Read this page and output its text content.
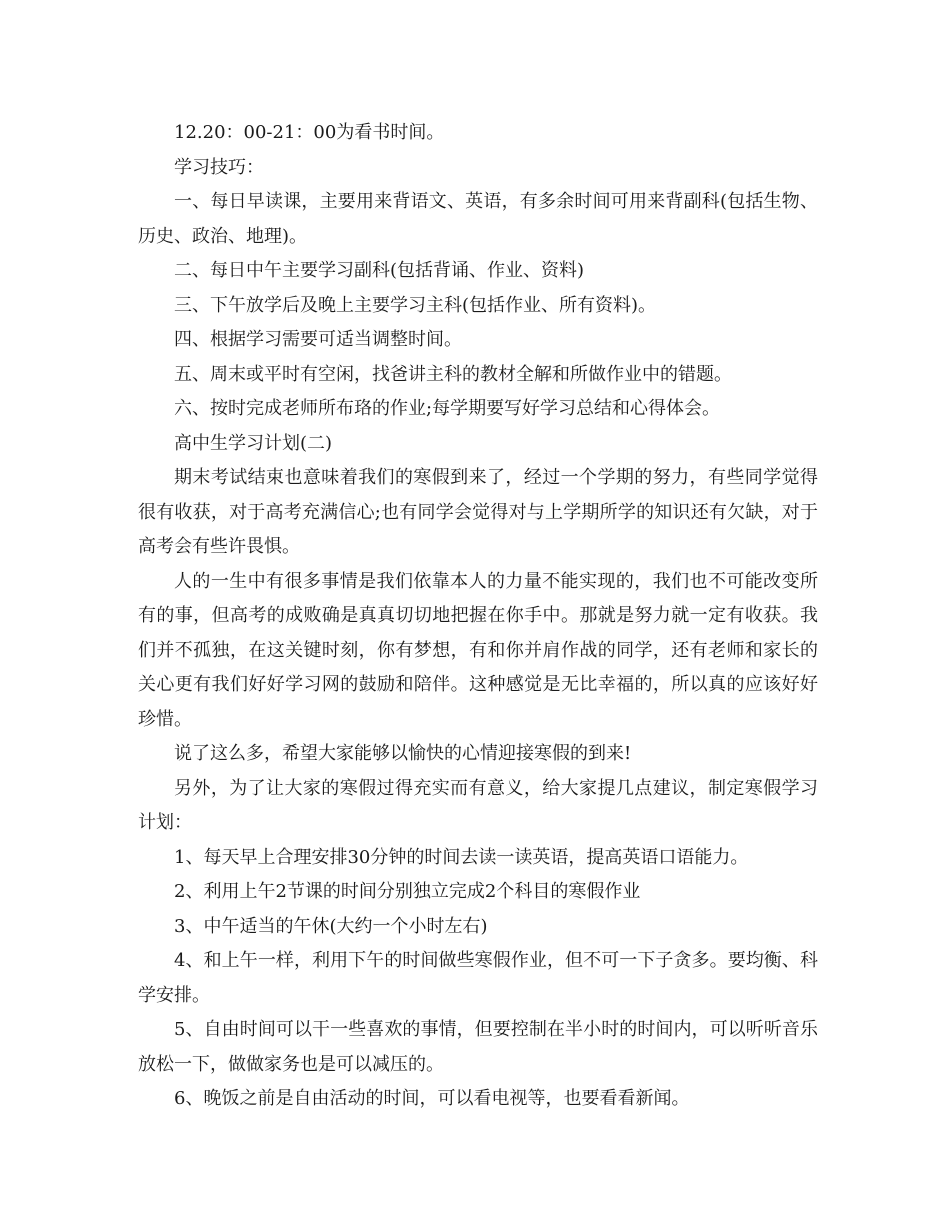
12.20：00-21：00为看书时间。

学习技巧：

一、每日早读课，主要用来背语文、英语，有多余时间可用来背副科(包括生物、历史、政治、地理)。

二、每日中午主要学习副科(包括背诵、作业、资料)

三、下午放学后及晚上主要学习主科(包括作业、所有资料)。

四、根据学习需要可适当调整时间。

五、周末或平时有空闲，找爸讲主科的教材全解和所做作业中的错题。

六、按时完成老师所布珞的作业;每学期要写好学习总结和心得体会。

高中生学习计划(二)

期末考试结束也意味着我们的寒假到来了，经过一个学期的努力，有些同学觉得很有收获，对于高考充满信心;也有同学会觉得对与上学期所学的知识还有欠缺，对于高考会有些许畏惧。

人的一生中有很多事情是我们依靠本人的力量不能实现的，我们也不可能改变所有的事，但高考的成败确是真真切切地把握在你手中。那就是努力就一定有收获。我们并不孤独，在这关键时刻，你有梦想，有和你并肩作战的同学，还有老师和家长的关心更有我们好好学习网的鼓励和陪伴。这种感觉是无比幸福的，所以真的应该好好珍惜。

说了这么多，希望大家能够以愉快的心情迎接寒假的到来!

另外，为了让大家的寒假过得充实而有意义，给大家提几点建议，制定寒假学习计划：

1、每天早上合理安排30分钟的时间去读一读英语，提高英语口语能力。

2、利用上午2节课的时间分别独立完成2个科目的寒假作业

3、中午适当的午休(大约一个小时左右)

4、和上午一样，利用下午的时间做些寒假作业，但不可一下子贪多。要均衡、科学安排。

5、自由时间可以干一些喜欢的事情，但要控制在半小时的时间内，可以听听音乐放松一下，做做家务也是可以减压的。

6、晚饭之前是自由活动的时间，可以看电视等，也要看看新闻。
